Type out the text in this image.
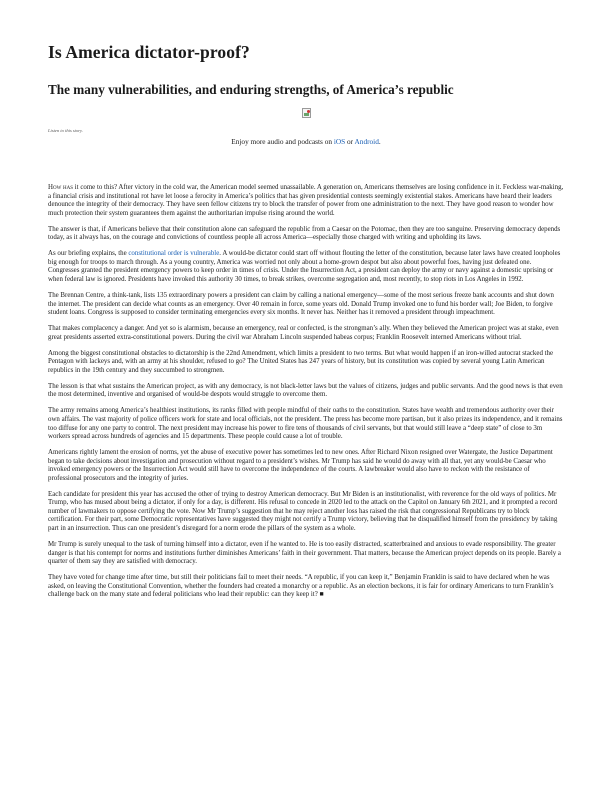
Is America dictator-proof?
The many vulnerabilities, and enduring strengths, of America’s republic

Listen to this story.

Enjoy more audio and podcasts on iOS or Android.

How has it come to this? After victory in the cold war, the American model seemed unassailable. A generation on, Americans themselves are losing confidence in it. Feckless war-making, a financial crisis and institutional rot have let loose a ferocity in America’s politics that has given presidential contests seemingly existential stakes. Americans have heard their leaders denounce the integrity of their democracy. They have seen fellow citizens try to block the transfer of power from one administration to the next. They have good reason to wonder how much protection their system guarantees them against the authoritarian impulse rising around the world.

The answer is that, if Americans believe that their constitution alone can safeguard the republic from a Caesar on the Potomac, then they are too sanguine. Preserving democracy depends today, as it always has, on the courage and convictions of countless people all across America—especially those charged with writing and upholding its laws.

As our briefing explains, the constitutional order is vulnerable. A would-be dictator could start off without flouting the letter of the constitution, because later laws have created loopholes big enough for troops to march through. As a young country, America was worried not only about a home-grown despot but also about powerful foes, having just defeated one. Congresses granted the president emergency powers to keep order in times of crisis. Under the Insurrection Act, a president can deploy the army or navy against a domestic uprising or when federal law is ignored. Presidents have invoked this authority 30 times, to break strikes, overcome segregation and, most recently, to stop riots in Los Angeles in 1992.

The Brennan Centre, a think-tank, lists 135 extraordinary powers a president can claim by calling a national emergency—some of the most serious freeze bank accounts and shut down the internet. The president can decide what counts as an emergency. Over 40 remain in force, some years old. Donald Trump invoked one to fund his border wall; Joe Biden, to forgive student loans. Congress is supposed to consider terminating emergencies every six months. It never has. Neither has it removed a president through impeachment.

That makes complacency a danger. And yet so is alarmism, because an emergency, real or confected, is the strongman’s ally. When they believed the American project was at stake, even great presidents asserted extra-constitutional powers. During the civil war Abraham Lincoln suspended habeas corpus; Franklin Roosevelt interned Americans without trial.

Among the biggest constitutional obstacles to dictatorship is the 22nd Amendment, which limits a president to two terms. But what would happen if an iron-willed autocrat stacked the Pentagon with lackeys and, with an army at his shoulder, refused to go? The United States has 247 years of history, but its constitution was copied by several young Latin American republics in the 19th century and they succumbed to strongmen.

The lesson is that what sustains the American project, as with any democracy, is not black-letter laws but the values of citizens, judges and public servants. And the good news is that even the most determined, inventive and organised of would-be despots would struggle to overcome them.

The army remains among America’s healthiest institutions, its ranks filled with people mindful of their oaths to the constitution. States have wealth and tremendous authority over their own affairs. The vast majority of police officers work for state and local officials, not the president. The press has become more partisan, but it also prizes its independence, and it remains too diffuse for any one party to control. The next president may increase his power to fire tens of thousands of civil servants, but that would still leave a “deep state” of close to 3m workers spread across hundreds of agencies and 15 departments. These people could cause a lot of trouble.

Americans rightly lament the erosion of norms, yet the abuse of executive power has sometimes led to new ones. After Richard Nixon resigned over Watergate, the Justice Department began to take decisions about investigation and prosecution without regard to a president’s wishes. Mr Trump has said he would do away with all that, yet any would-be Caesar who invoked emergency powers or the Insurrection Act would still have to overcome the independence of the courts. A lawbreaker would also have to reckon with the resistance of professional prosecutors and the integrity of juries.

Each candidate for president this year has accused the other of trying to destroy American democracy. But Mr Biden is an institutionalist, with reverence for the old ways of politics. Mr Trump, who has mused about being a dictator, if only for a day, is different. His refusal to concede in 2020 led to the attack on the Capitol on January 6th 2021, and it prompted a record number of lawmakers to oppose certifying the vote. Now Mr Trump’s suggestion that he may reject another loss has raised the risk that congressional Republicans try to block certification. For their part, some Democratic representatives have suggested they might not certify a Trump victory, believing that he disqualified himself from the presidency by taking part in an insurrection. Thus can one president’s disregard for a norm erode the pillars of the system as a whole.

Mr Trump is surely unequal to the task of turning himself into a dictator, even if he wanted to. He is too easily distracted, scatterbrained and anxious to evade responsibility. The greater danger is that his contempt for norms and institutions further diminishes Americans’ faith in their government. That matters, because the American project depends on its people. Barely a quarter of them say they are satisfied with democracy.

They have voted for change time after time, but still their politicians fail to meet their needs. “A republic, if you can keep it,” Benjamin Franklin is said to have declared when he was asked, on leaving the Constitutional Convention, whether the founders had created a monarchy or a republic. As an election beckons, it is fair for ordinary Americans to turn Franklin’s challenge back on the many state and federal politicians who lead their republic: can they keep it? ■
